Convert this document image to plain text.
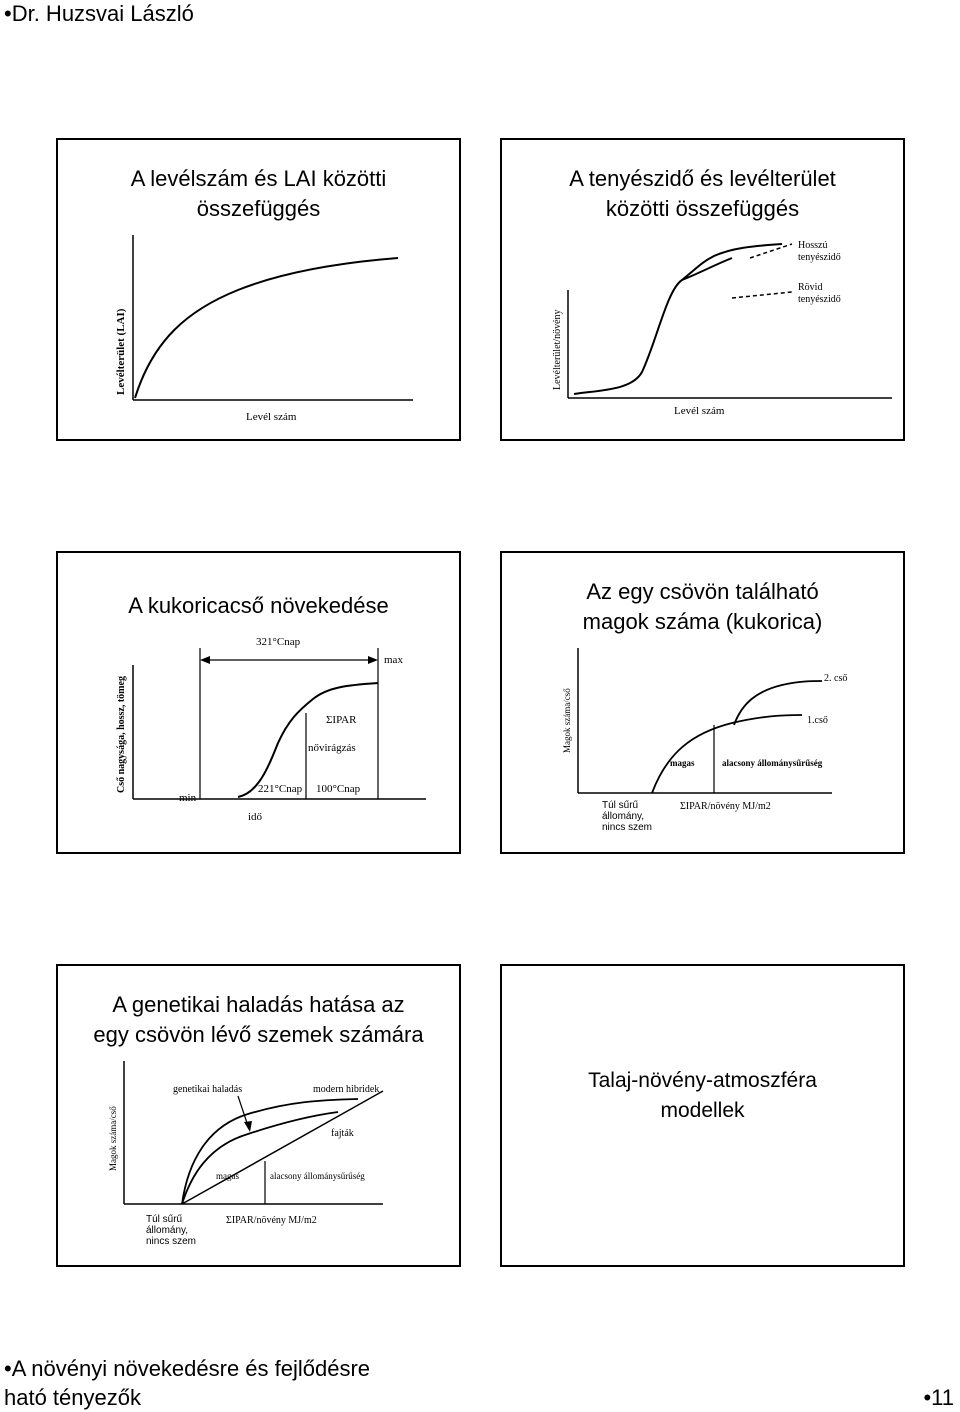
•Dr. Huzsvai László
A levélszám és LAI közötti
összefüggés
Levélterület (LAI)
Levél szám
A tenyészidő és levélterület
közötti összefüggés
Hosszú
tenyészidő
Rövid
tenyészidő
Levélterület/növény
Levél szám
A kukoricacső növekedése
321°Cnap
max
min
ΣIPAR
nővirágzás
221°Cnap 100°Cnap
Cső nagysága, hossz, tömeg
idő
Az egy csövön található
magok száma (kukorica)
2. cső
1.cső
magas	alacsony állománysűrűség
Túl sűrű
állomány,
nincs szem
ΣIPAR/növény MJ/m2
Magok száma/cső
A genetikai haladás hatása az
egy csövön lévő szemek számára
genetikai haladás	modern hibridek
fajták
magas	alacsony állománysűrűség
Túl sűrű
állomány,
nincs szem
ΣIPAR/növény MJ/m2
Magok száma/cső
Talaj-növény-atmoszféra
modellek
•A növényi növekedésre és fejlődésre
ható tényezők	•11
